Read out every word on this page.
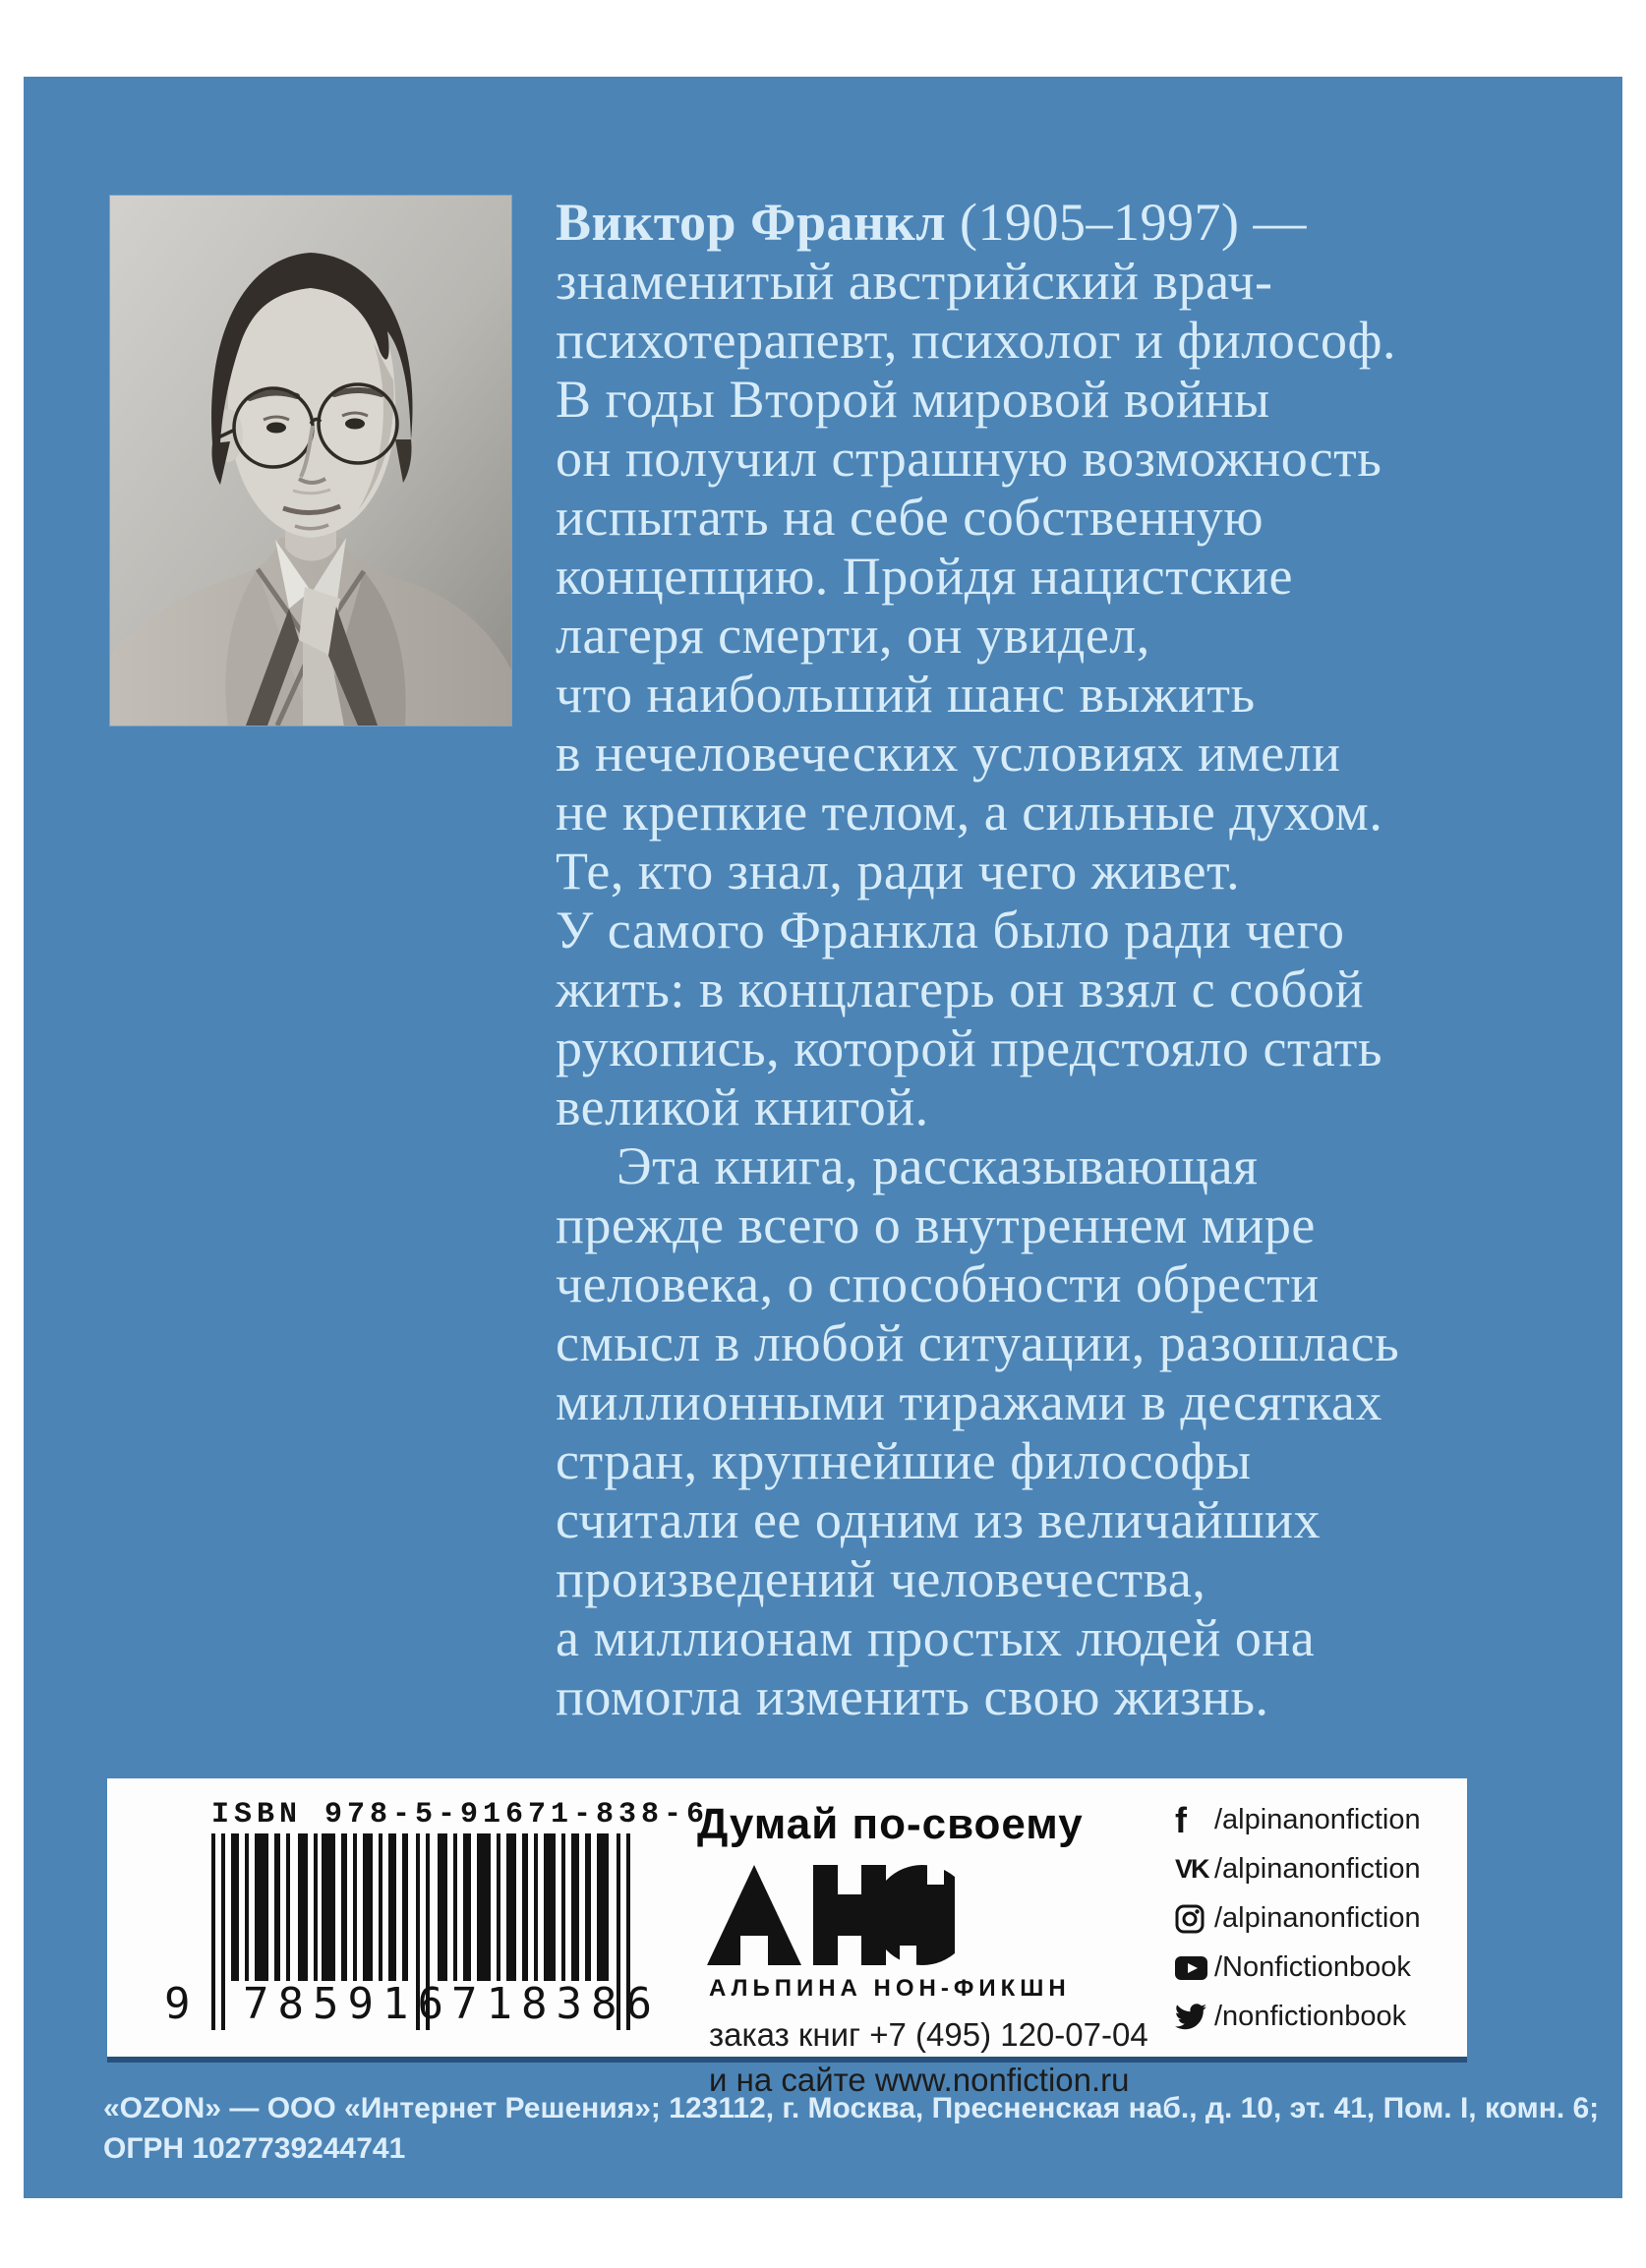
Виктор Франкл (1905–1997) —

знаменитый австрийский врач-

психотерапевт, психолог и философ.

В годы Второй мировой войны

он получил страшную возможность

испытать на себе собственную

концепцию. Пройдя нацистские

лагеря смерти, он увидел,

что наибольший шанс выжить

в нечеловеческих условиях имели

не крепкие телом, а сильные духом.

Те, кто знал, ради чего живет.

У самого Франкла было ради чего

жить: в концлагерь он взял с собой

рукопись, которой предстояло стать

великой книгой.

Эта книга, рассказывающая

прежде всего о внутреннем мире

человека, о способности обрести

смысл в любой ситуации, разошлась

миллионными тиражами в десятках

стран, крупнейшие философы

считали ее одним из величайших

произведений человечества,

а миллионам простых людей она

помогла изменить свою жизнь.

ISBN 978-5-91671-838-6
9 785916 718386
Думай по-своему
АЛЬПИНА НОН-ФИКШН
заказ книг +7 (495) 120-07-04
и на сайте www.nonfiction.ru
f /alpinanonfiction
VK /alpinanonfiction
/alpinanonfiction
/Nonfictionbook
/nonfictionbook
«OZON» — ООО «Интернет Решения»; 123112, г. Москва, Пресненская наб., д. 10, эт. 41, Пом. I, комн. 6;
ОГРН 1027739244741
